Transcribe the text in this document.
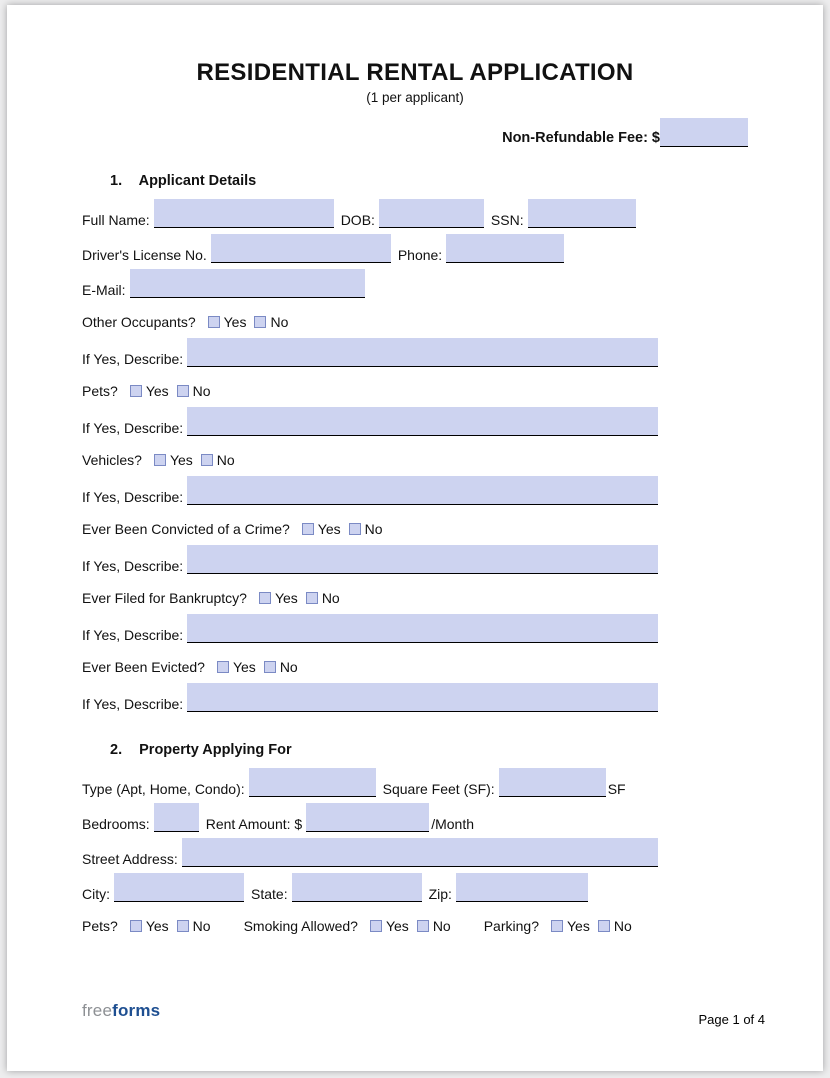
RESIDENTIAL RENTAL APPLICATION
(1 per applicant)
Non-Refundable Fee: $
1. Applicant Details
Full Name:	DOB:	SSN:
Driver's License No.	Phone:
E-Mail:
Other Occupants? Yes No
If Yes, Describe:
Pets? Yes No
If Yes, Describe:
Vehicles? Yes No
If Yes, Describe:
Ever Been Convicted of a Crime? Yes No
If Yes, Describe:
Ever Filed for Bankruptcy? Yes No
If Yes, Describe:
Ever Been Evicted? Yes No
If Yes, Describe:
2. Property Applying For
Type (Apt, Home, Condo):	Square Feet (SF):	SF
Bedrooms:	Rent Amount: $	/Month
Street Address:
City:	State:	Zip:
Pets? Yes No Smoking Allowed? Yes No Parking? Yes No
freeforms	Page 1 of 4
